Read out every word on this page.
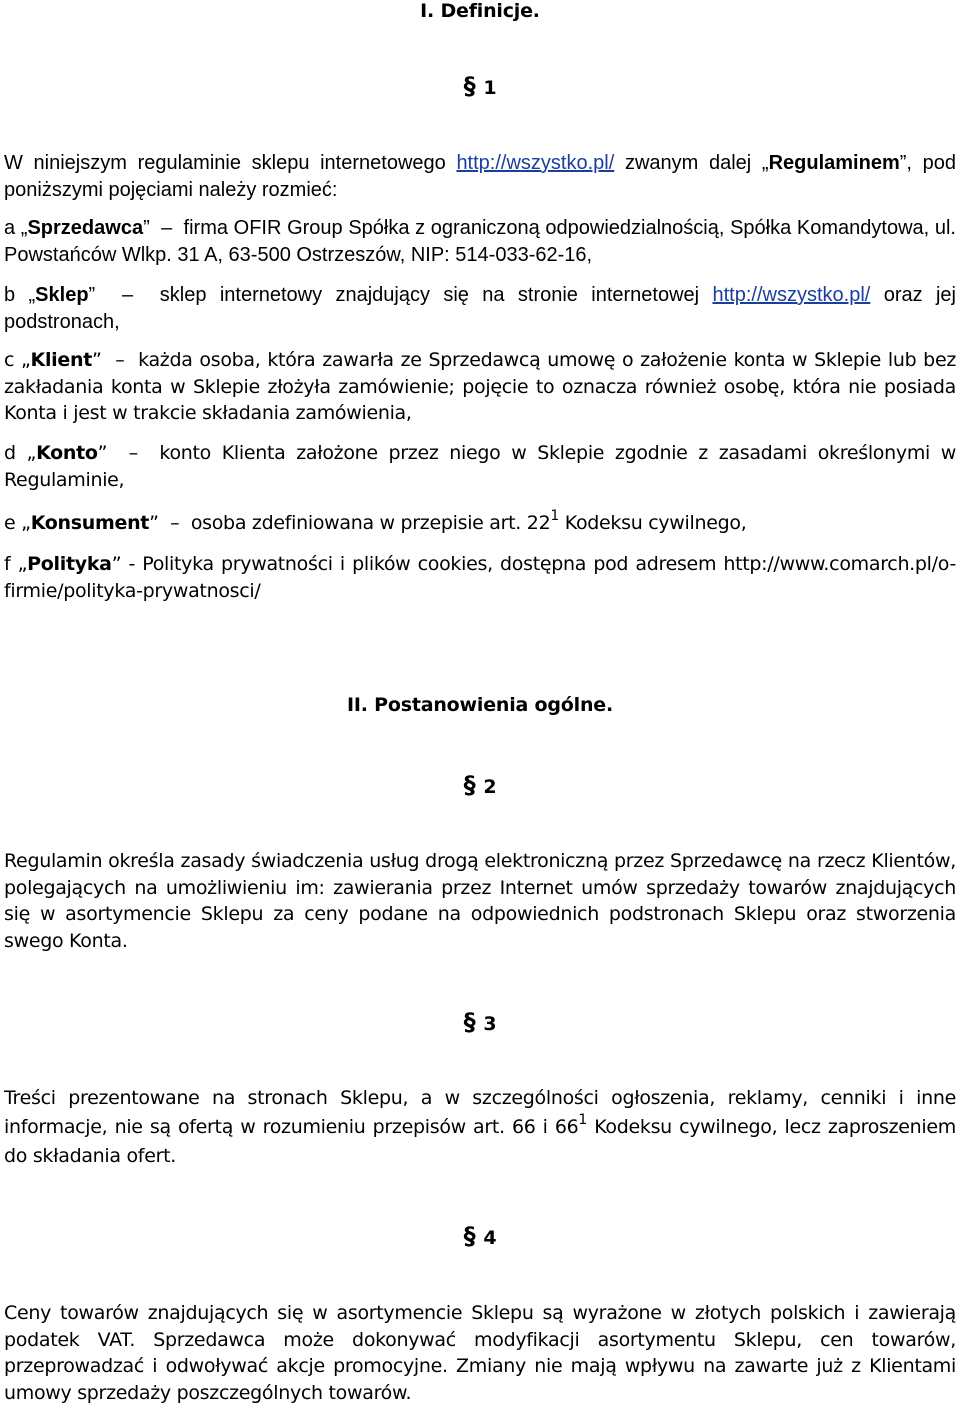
I. Definicje.
§ 1
W niniejszym regulaminie sklepu internetowego http://wszystko.pl/ zwanym dalej „Regulaminem”, pod poniższymi pojęciami należy rozmieć:
a „Sprzedawca” – firma OFIR Group Spółka z ograniczoną odpowiedzialnością, Spółka Komandytowa, ul. Powstańców Wlkp. 31 A, 63-500 Ostrzeszów, NIP: 514-033-62-16,
b „Sklep” – sklep internetowy znajdujący się na stronie internetowej http://wszystko.pl/ oraz jej podstronach,
c „Klient” – każda osoba, która zawarła ze Sprzedawcą umowę o założenie konta w Sklepie lub bez zakładania konta w Sklepie złożyła zamówienie; pojęcie to oznacza również osobę, która nie posiada Konta i jest w trakcie składania zamówienia,
d „Konto” – konto Klienta założone przez niego w Sklepie zgodnie z zasadami określonymi w Regulaminie,
e „Konsument” – osoba zdefiniowana w przepisie art. $22^1$ Kodeksu cywilnego,
f „Polityka” - Polityka prywatności i plików cookies, dostępna pod adresem http://www.comarch.pl/o-firmie/polityka-prywatnosci/
II. Postanowienia ogólne.
§ 2
Regulamin określa zasady świadczenia usług drogą elektroniczną przez Sprzedawcę na rzecz Klientów, polegających na umożliwieniu im: zawierania przez Internet umów sprzedaży towarów znajdujących się w asortymencie Sklepu za ceny podane na odpowiednich podstronach Sklepu oraz stworzenia swego Konta.
§ 3
Treści prezentowane na stronach Sklepu, a w szczególności ogłoszenia, reklamy, cenniki i inne informacje, nie są ofertą w rozumieniu przepisów art. 66 i $66^1$ Kodeksu cywilnego, lecz zaproszeniem do składania ofert.
§ 4
Ceny towarów znajdujących się w asortymencie Sklepu są wyrażone w złotych polskich i zawierają podatek VAT. Sprzedawca może dokonywać modyfikacji asortymentu Sklepu, cen towarów, przeprowadzać i odwoływać akcje promocyjne. Zmiany nie mają wpływu na zawarte już z Klientami umowy sprzedaży poszczególnych towarów.
